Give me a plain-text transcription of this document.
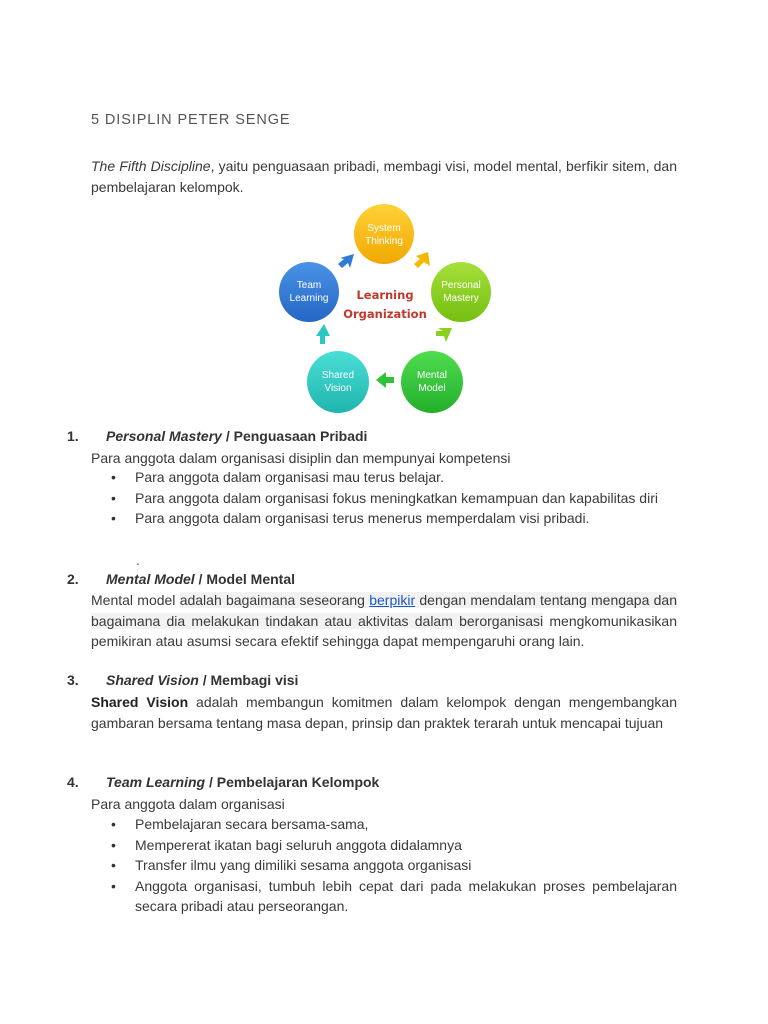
5 DISIPLIN PETER SENGE
The Fifth Discipline, yaitu penguasaan pribadi, membagi visi, model mental, berfikir sitem, dan pembelajaran kelompok.
System
Thinking
Personal
Mastery
Mental
Model
Shared
Vision
Team
Learning Learning
Organization
1. Personal Mastery / Penguasaan Pribadi
Para anggota dalam organisasi disiplin dan mempunyai kompetensi
• Para anggota dalam organisasi mau terus belajar.
• Para anggota dalam organisasi fokus meningkatkan kemampuan dan kapabilitas diri
• Para anggota dalam organisasi terus menerus memperdalam visi pribadi.
.
2. Mental Model / Model Mental
Mental model adalah bagaimana seseorang berpikir dengan mendalam tentang mengapa dan bagaimana dia melakukan tindakan atau aktivitas dalam berorganisasi mengkomunikasikan pemikiran atau asumsi secara efektif sehingga dapat mempengaruhi orang lain.
3. Shared Vision / Membagi visi
Shared Vision adalah membangun komitmen dalam kelompok dengan mengembangkan gambaran bersama tentang masa depan, prinsip dan praktek terarah untuk mencapai tujuan
4. Team Learning / Pembelajaran Kelompok
Para anggota dalam organisasi
• Pembelajaran secara bersama-sama,
• Mempererat ikatan bagi seluruh anggota didalamnya
• Transfer ilmu yang dimiliki sesama anggota organisasi
• Anggota organisasi, tumbuh lebih cepat dari pada melakukan proses pembelajaran secara pribadi atau perseorangan.
